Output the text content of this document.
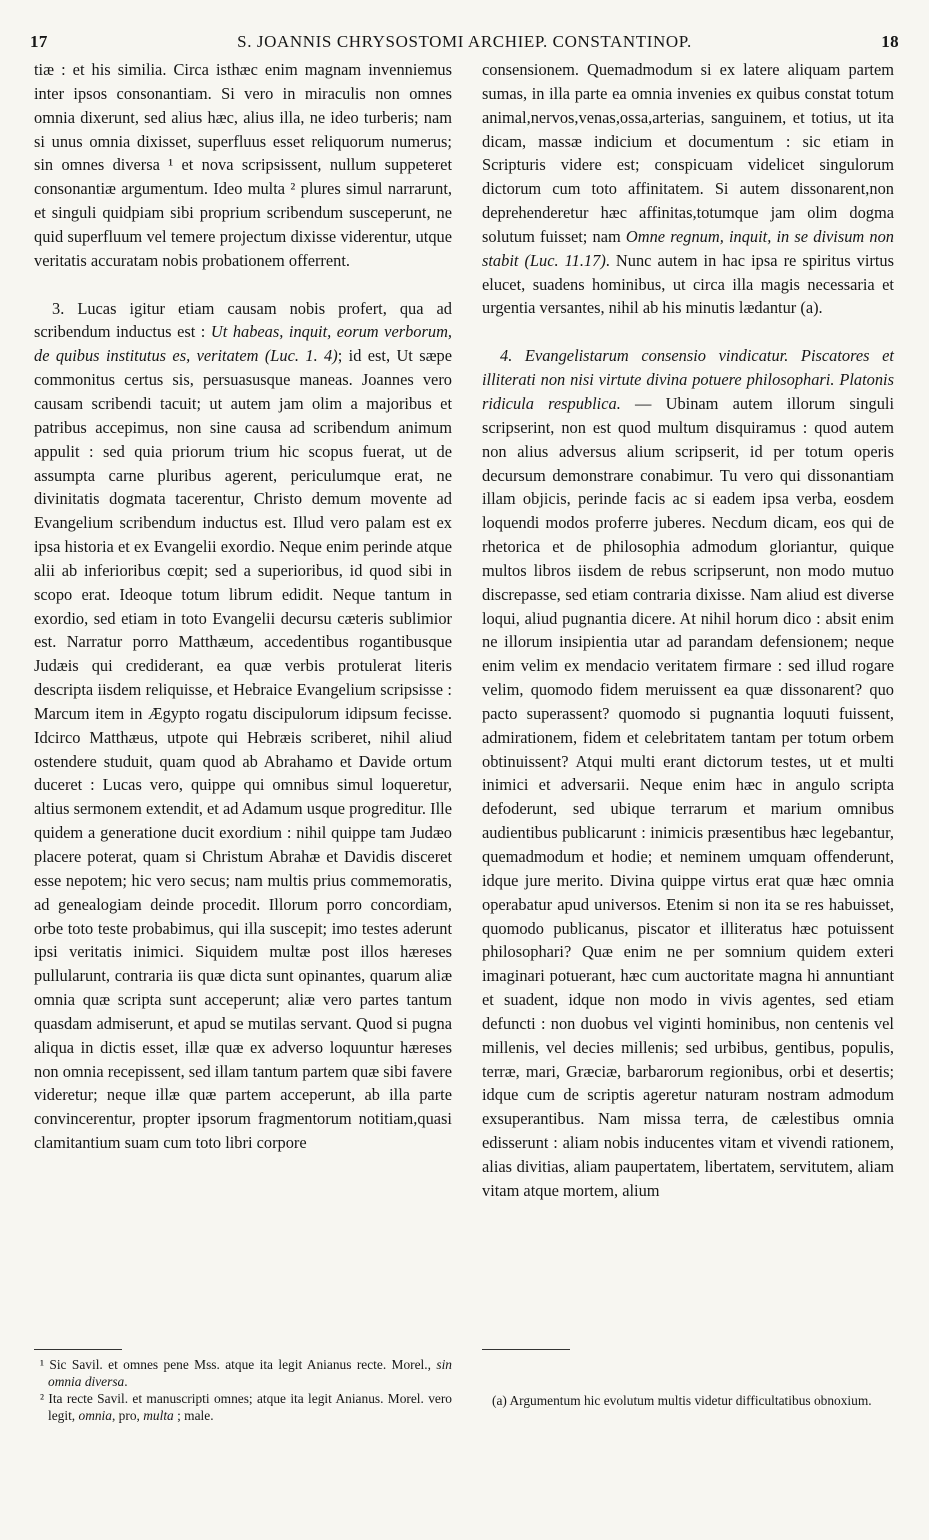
17	S. JOANNIS CHRYSOSTOMI ARCHIEP. CONSTANTINOP.	18

tiæ : et his similia. Circa isthæc enim magnam invenniemus inter ipsos consonantiam. Si vero in miraculis non omnes omnia dixerunt, sed alius hæc, alius illa, ne ideo turberis; nam si unus omnia dixisset, superfluus esset reliquorum numerus; sin omnes diversa ¹ et nova scripsissent, nullum suppeteret consonantiæ argumentum. Ideo multa ² plures simul narrarunt, et singuli quidpiam sibi proprium scribendum susceperunt, ne quid superfluum vel temere projectum dixisse viderentur, utque veritatis accuratam nobis probationem offerrent.

3. Lucas igitur etiam causam nobis profert, qua ad scribendum inductus est : Ut habeas, inquit, eorum verborum, de quibus institutus es, veritatem (Luc. 1. 4); id est, Ut sæpe commonitus certus sis, persuasusque maneas. Joannes vero causam scribendi tacuit; ut autem jam olim a majoribus et patribus accepimus, non sine causa ad scribendum animum appulit : sed quia priorum trium hic scopus fuerat, ut de assumpta carne pluribus agerent, periculumque erat, ne divinitatis dogmata tacerentur, Christo demum movente ad Evangelium scribendum inductus est. Illud vero palam est ex ipsa historia et ex Evangelii exordio. Neque enim perinde atque alii ab inferioribus cœpit; sed a superioribus, id quod sibi in scopo erat. Ideoque totum librum edidit. Neque tantum in exordio, sed etiam in toto Evangelii decursu cæteris sublimior est. Narratur porro Matthæum, accedentibus rogantibusque Judæis qui crediderant, ea quæ verbis protulerat literis descripta iisdem reliquisse, et Hebraice Evangelium scripsisse : Marcum item in Ægypto rogatu discipulorum idipsum fecisse. Idcirco Matthæus, utpote qui Hebræis scriberet, nihil aliud ostendere studuit, quam quod ab Abrahamo et Davide ortum duceret : Lucas vero, quippe qui omnibus simul loqueretur, altius sermonem extendit, et ad Adamum usque progreditur. Ille quidem a generatione ducit exordium : nihil quippe tam Judæo placere poterat, quam si Christum Abrahæ et Davidis disceret esse nepotem; hic vero secus; nam multis prius commemoratis, ad genealogiam deinde procedit. Illorum porro concordiam, orbe toto teste probabimus, qui illa suscepit; imo testes aderunt ipsi veritatis inimici. Siquidem multæ post illos hæreses pullularunt, contraria iis quæ dicta sunt opinantes, quarum aliæ omnia quæ scripta sunt acceperunt; aliæ vero partes tantum quasdam admiserunt, et apud se mutilas servant. Quod si pugna aliqua in dictis esset, illæ quæ ex adverso loquuntur hæreses non omnia recepissent, sed illam tantum partem quæ sibi favere videretur; neque illæ quæ partem acceperunt, ab illa parte convincerentur, propter ipsorum fragmentorum notitiam,quasi clamitantium suam cum toto libri corpore

consensionem. Quemadmodum si ex latere aliquam partem sumas, in illa parte ea omnia invenies ex quibus constat totum animal,nervos,venas,ossa,arterias, sanguinem, et totius, ut ita dicam, massæ indicium et documentum : sic etiam in Scripturis videre est; conspicuam videlicet singulorum dictorum cum toto affinitatem. Si autem dissonarent,non deprehenderetur hæc affinitas,totumque jam olim dogma solutum fuisset; nam Omne regnum, inquit, in se divisum non stabit (Luc. 11.17). Nunc autem in hac ipsa re spiritus virtus elucet, suadens hominibus, ut circa illa magis necessaria et urgentia versantes, nihil ab his minutis lædantur (a).

4. Evangelistarum consensio vindicatur. Piscatores et illiterati non nisi virtute divina potuere philosophari. Platonis ridicula respublica. — Ubinam autem illorum singuli scripserint, non est quod multum disquiramus : quod autem non alius adversus alium scripserit, id per totum operis decursum demonstrare conabimur. Tu vero qui dissonantiam illam objicis, perinde facis ac si eadem ipsa verba, eosdem loquendi modos proferre juberes. Necdum dicam, eos qui de rhetorica et de philosophia admodum gloriantur, quique multos libros iisdem de rebus scripserunt, non modo mutuo discrepasse, sed etiam contraria dixisse. Nam aliud est diverse loqui, aliud pugnantia dicere. At nihil horum dico : absit enim ne illorum insipientia utar ad parandam defensionem; neque enim velim ex mendacio veritatem firmare : sed illud rogare velim, quomodo fidem meruissent ea quæ dissonarent? quo pacto superassent? quomodo si pugnantia loquuti fuissent, admirationem, fidem et celebritatem tantam per totum orbem obtinuissent? Atqui multi erant dictorum testes, ut et multi inimici et adversarii. Neque enim hæc in angulo scripta defoderunt, sed ubique terrarum et marium omnibus audientibus publicarunt : inimicis præsentibus hæc legebantur, quemadmodum et hodie; et neminem umquam offenderunt, idque jure merito. Divina quippe virtus erat quæ hæc omnia operabatur apud universos. Etenim si non ita se res habuisset, quomodo publicanus, piscator et illiteratus hæc potuissent philosophari? Quæ enim ne per somnium quidem exteri imaginari potuerant, hæc cum auctoritate magna hi annuntiant et suadent, idque non modo in vivis agentes, sed etiam defuncti : non duobus vel viginti hominibus, non centenis vel millenis, vel decies millenis; sed urbibus, gentibus, populis, terræ, mari, Græciæ, barbarorum regionibus, orbi et desertis; idque cum de scriptis ageretur naturam nostram admodum exsuperantibus. Nam missa terra, de cælestibus omnia edisserunt : aliam nobis inducentes vitam et vivendi rationem, alias divitias, aliam paupertatem, libertatem, servitutem, aliam vitam atque mortem, alium

¹ Sic Savil. et omnes pene Mss. atque ita legit Anianus recte. Morel., sin omnia diversa.

² Ita recte Savil. et manuscripti omnes; atque ita legit Anianus. Morel. vero legit, omnia, pro, multa ; male.

(a) Argumentum hic evolutum multis videtur difficultatibus obnoxium.
